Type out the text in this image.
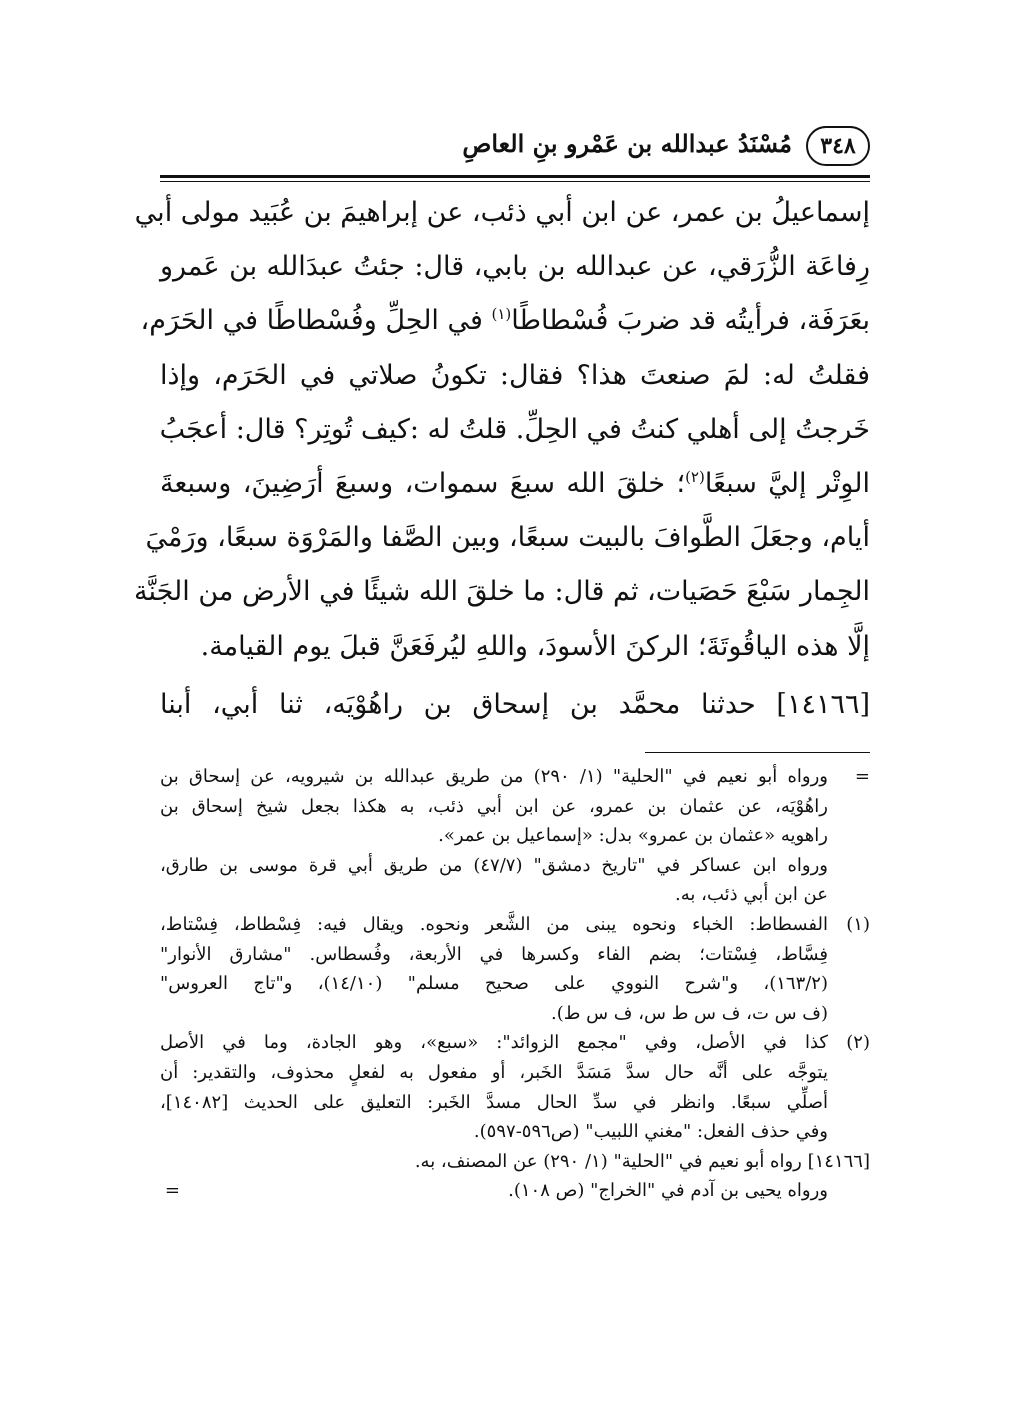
٣٤٨
مُسْنَدُ عبدالله بن عَمْرو بنِ العاصِ
إسماعيلُ بن عمر، عن ابن أبي ذئب، عن إبراهيمَ بن عُبَيد مولى أبي
رِفاعَة الزُّرَقي، عن عبدالله بن بابي، قال: جئتُ عبدَالله بن عَمرو
بعَرَفَة، فرأيتُه قد ضربَ فُسْطاطًا$^{(١)}$ في الحِلِّ وفُسْطاطًا في الحَرَم،
فقلتُ له: لمَ صنعتَ هذا؟ فقال: تكونُ صلاتي في الحَرَم، وإذا
خَرجتُ إلى أهلي كنتُ في الحِلِّ. قلتُ له :كيف تُوتِر؟ قال: أعجَبُ
الوِتْر إليَّ سبعًا$^{(٢)}$؛ خلقَ الله سبعَ سموات، وسبعَ أرَضِينَ، وسبعةَ
أيام، وجعَلَ الطَّوافَ بالبيت سبعًا، وبين الصَّفا والمَرْوَة سبعًا، ورَمْيَ
الجِمار سَبْعَ حَصَيات، ثم قال: ما خلقَ الله شيئًا في الأرض من الجَنَّة
إلَّا هذه الياقُوتَةَ؛ الركنَ الأسودَ، واللهِ ليُرفَعَنَّ قبلَ يوم القيامة.
[١٤١٦٦] حدثنا محمَّد بن إسحاق بن راهُوْيَه، ثنا أبي، أبنا
=
ورواه أبو نعيم في "الحلية" (١/ ٢٩٠) من طريق عبدالله بن شيرويه، عن إسحاق بن
راهُوْيَه، عن عثمان بن عمرو، عن ابن أبي ذئب، به هكذا بجعل شيخ إسحاق بن
راهويه «عثمان بن عمرو» بدل: «إسماعيل بن عمر».
ورواه ابن عساكر في "تاريخ دمشق" (٤٧/٧) من طريق أبي قرة موسى بن طارق،
عن ابن أبي ذئب، به.
(١)
الفسطاط: الخباء ونحوه يبنى من الشَّعر ونحوه. ويقال فيه: فِسْطاط، فِسْتاط،
فِسَّاط، فِسْتات؛ بضم الفاء وكسرها في الأربعة، وفُسطاس. "مشارق الأنوار"
(١٦٣/٢)، و"شرح النووي على صحيح مسلم" (١٤/١٠)، و"تاج العروس"
(ف س ت، ف س ط س، ف س ط).
(٢)
كذا في الأصل، وفي "مجمع الزوائد": «سبع»، وهو الجادة، وما في الأصل
يتوجَّه على أنَّه حال سدَّ مَسَدَّ الخَبر، أو مفعول به لفعلٍ محذوف، والتقدير: أن
أصلِّي سبعًا. وانظر في سدِّ الحال مسدَّ الخَبر: التعليق على الحديث [١٤٠٨٢]،
وفي حذف الفعل: "مغني اللبيب" (ص٥٩٦-٥٩٧).
[١٤١٦٦] رواه أبو نعيم في "الحلية" (١/ ٢٩٠) عن المصنف، به.
ورواه يحيى بن آدم في "الخراج" (ص ١٠٨).
=
